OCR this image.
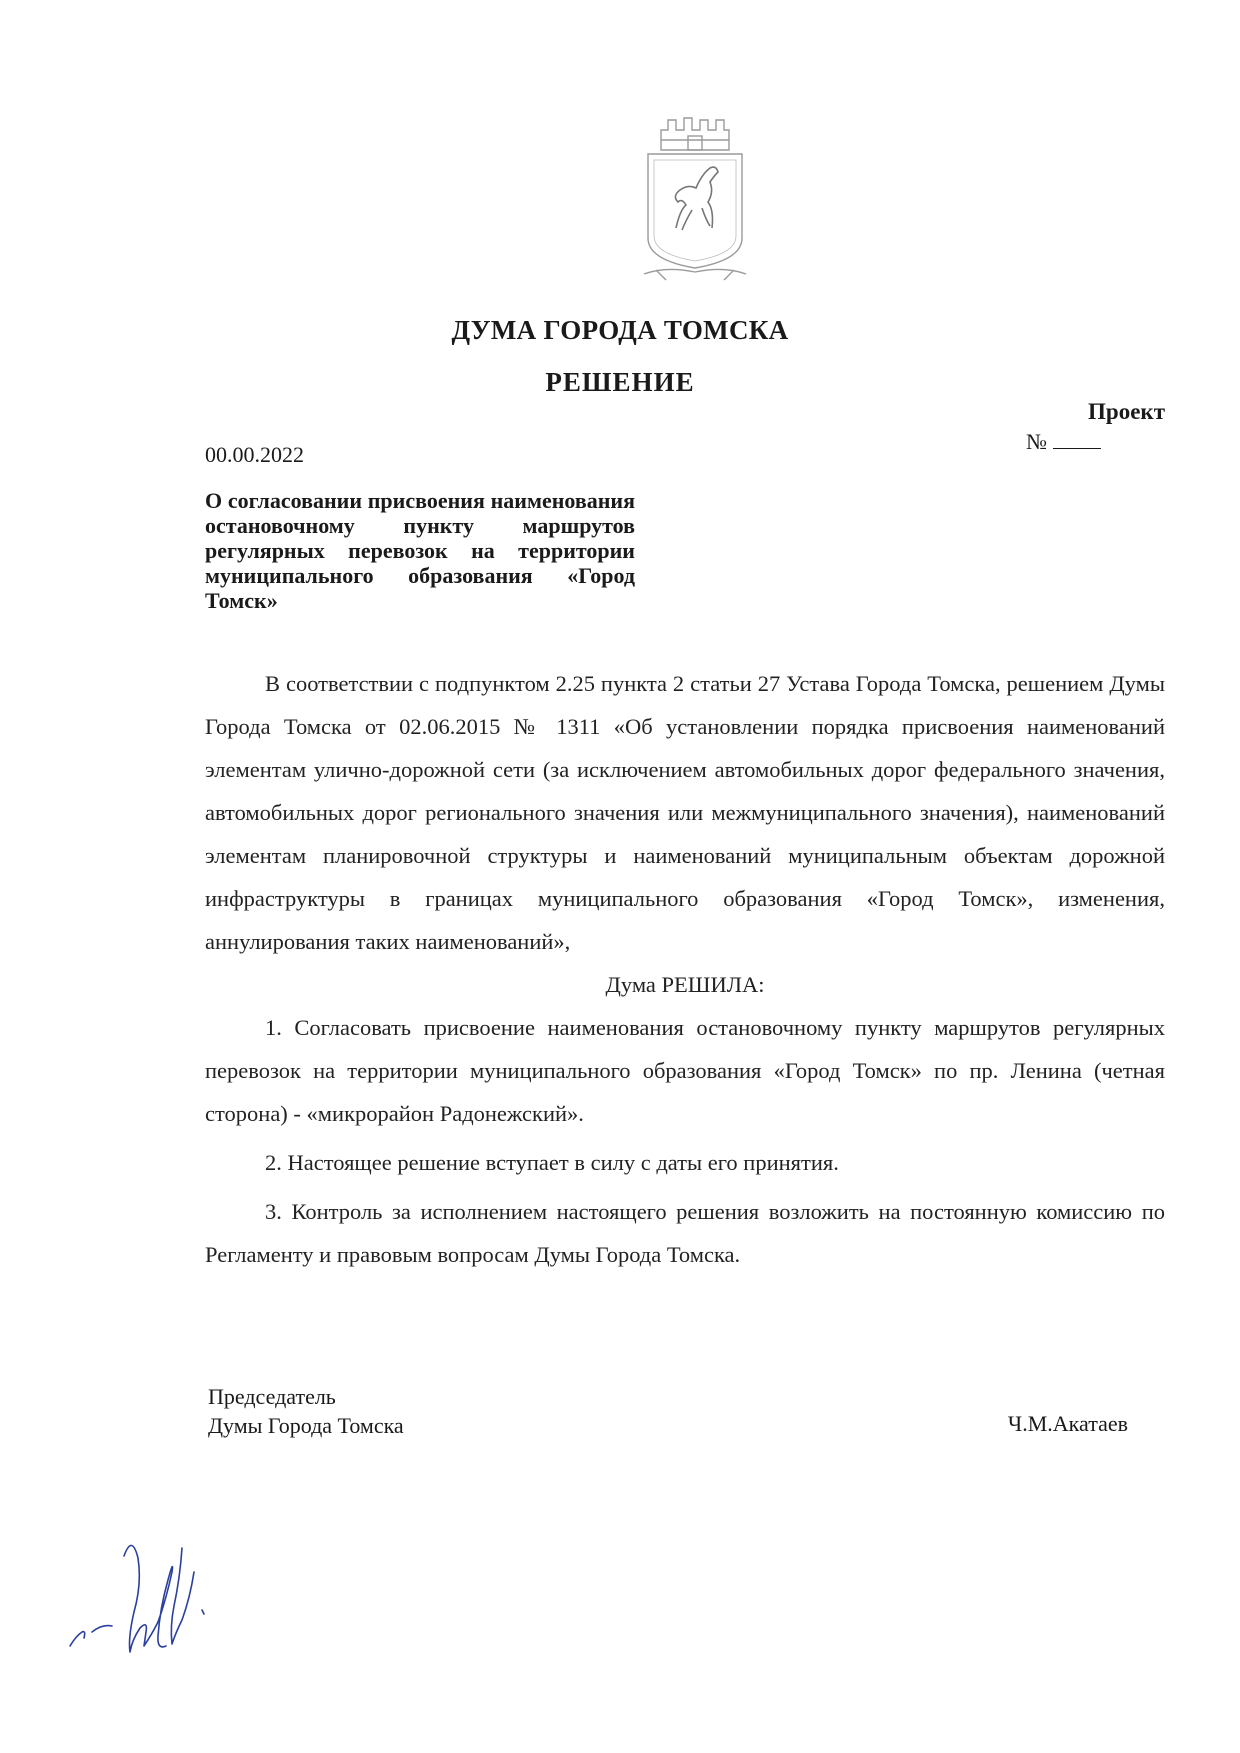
ДУМА ГОРОДА ТОМСКА
РЕШЕНИЕ
Проект
№
00.00.2022
О согласовании присвоения наименования остановочному пункту маршрутов регулярных перевозок на территории муниципального образования «Город Томск»

В соответствии с подпунктом 2.25 пункта 2 статьи 27 Устава Города Томска, решением Думы Города Томска от 02.06.2015 № 1311 «Об установлении порядка присвоения наименований элементам улично-дорожной сети (за исключением автомобильных дорог федерального значения, автомобильных дорог регионального значения или межмуниципального значения), наименований элементам планировочной структуры и наименований муниципальным объектам дорожной инфраструктуры в границах муниципального образования «Город Томск», изменения, аннулирования таких наименований»,

Дума РЕШИЛА:

1. Согласовать присвоение наименования остановочному пункту маршрутов регулярных перевозок на территории муниципального образования «Город Томск» по пр. Ленина (четная сторона) - «микрорайон Радонежский».

2. Настоящее решение вступает в силу с даты его принятия.

3. Контроль за исполнением настоящего решения возложить на постоянную комиссию по Регламенту и правовым вопросам Думы Города Томска.

Председатель
Думы Города Томска	Ч.М.Акатаев
